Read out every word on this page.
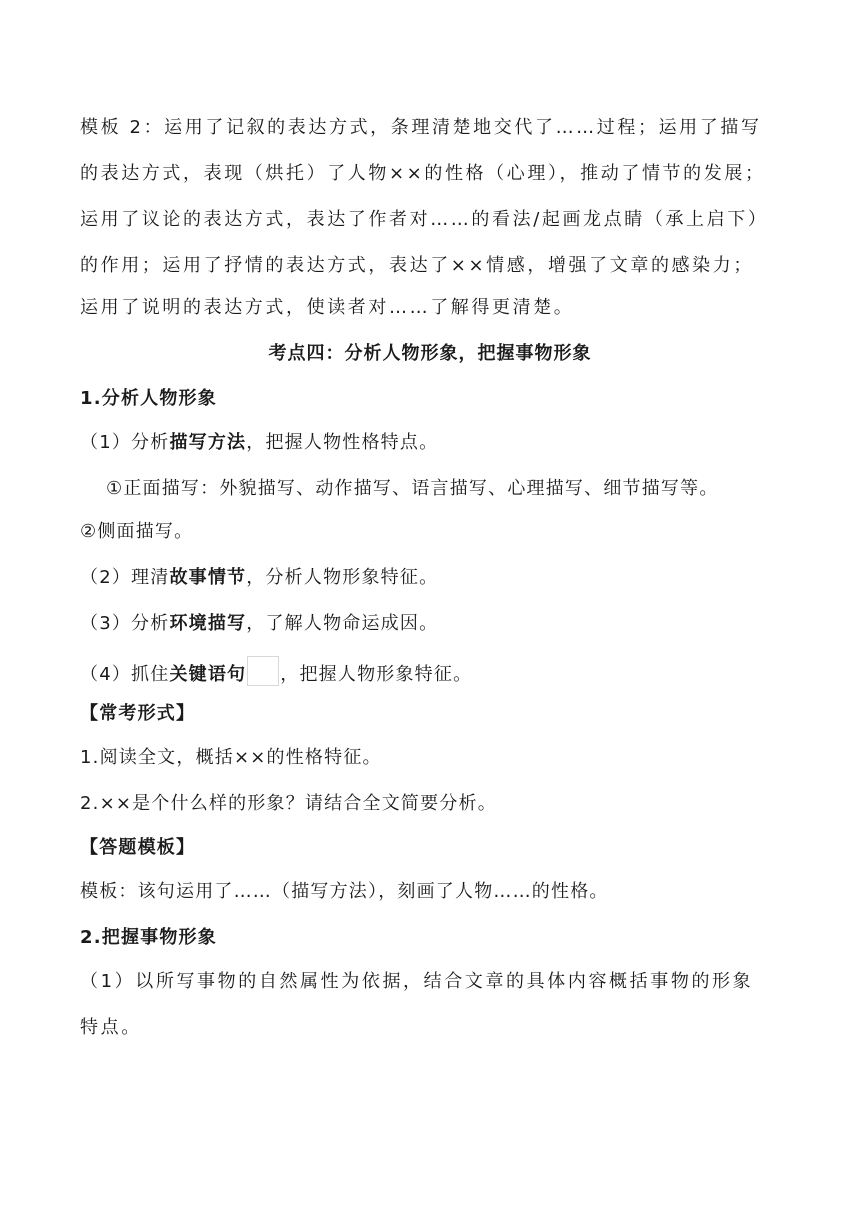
模板 2：运用了记叙的表达方式，条理清楚地交代了……过程；运用了描写
的表达方式，表现（烘托）了人物××的性格（心理），推动了情节的发展；
运用了议论的表达方式，表达了作者对……的看法/起画龙点睛（承上启下）
的作用；运用了抒情的表达方式，表达了××情感，增强了文章的感染力；
运用了说明的表达方式，使读者对……了解得更清楚。
考点四：分析人物形象，把握事物形象
1.分析人物形象
（1）分析描写方法，把握人物性格特点。
①正面描写：外貌描写、动作描写、语言描写、心理描写、细节描写等。
②侧面描写。
（2）理清故事情节，分析人物形象特征。
（3）分析环境描写，了解人物命运成因。
（4）抓住关键语句 ，把握人物形象特征。
【常考形式】
1.阅读全文，概括××的性格特征。
2.××是个什么样的形象？请结合全文简要分析。
【答题模板】
模板：该句运用了……（描写方法），刻画了人物……的性格。
2.把握事物形象
（1）以所写事物的自然属性为依据，结合文章的具体内容概括事物的形象
特点。
